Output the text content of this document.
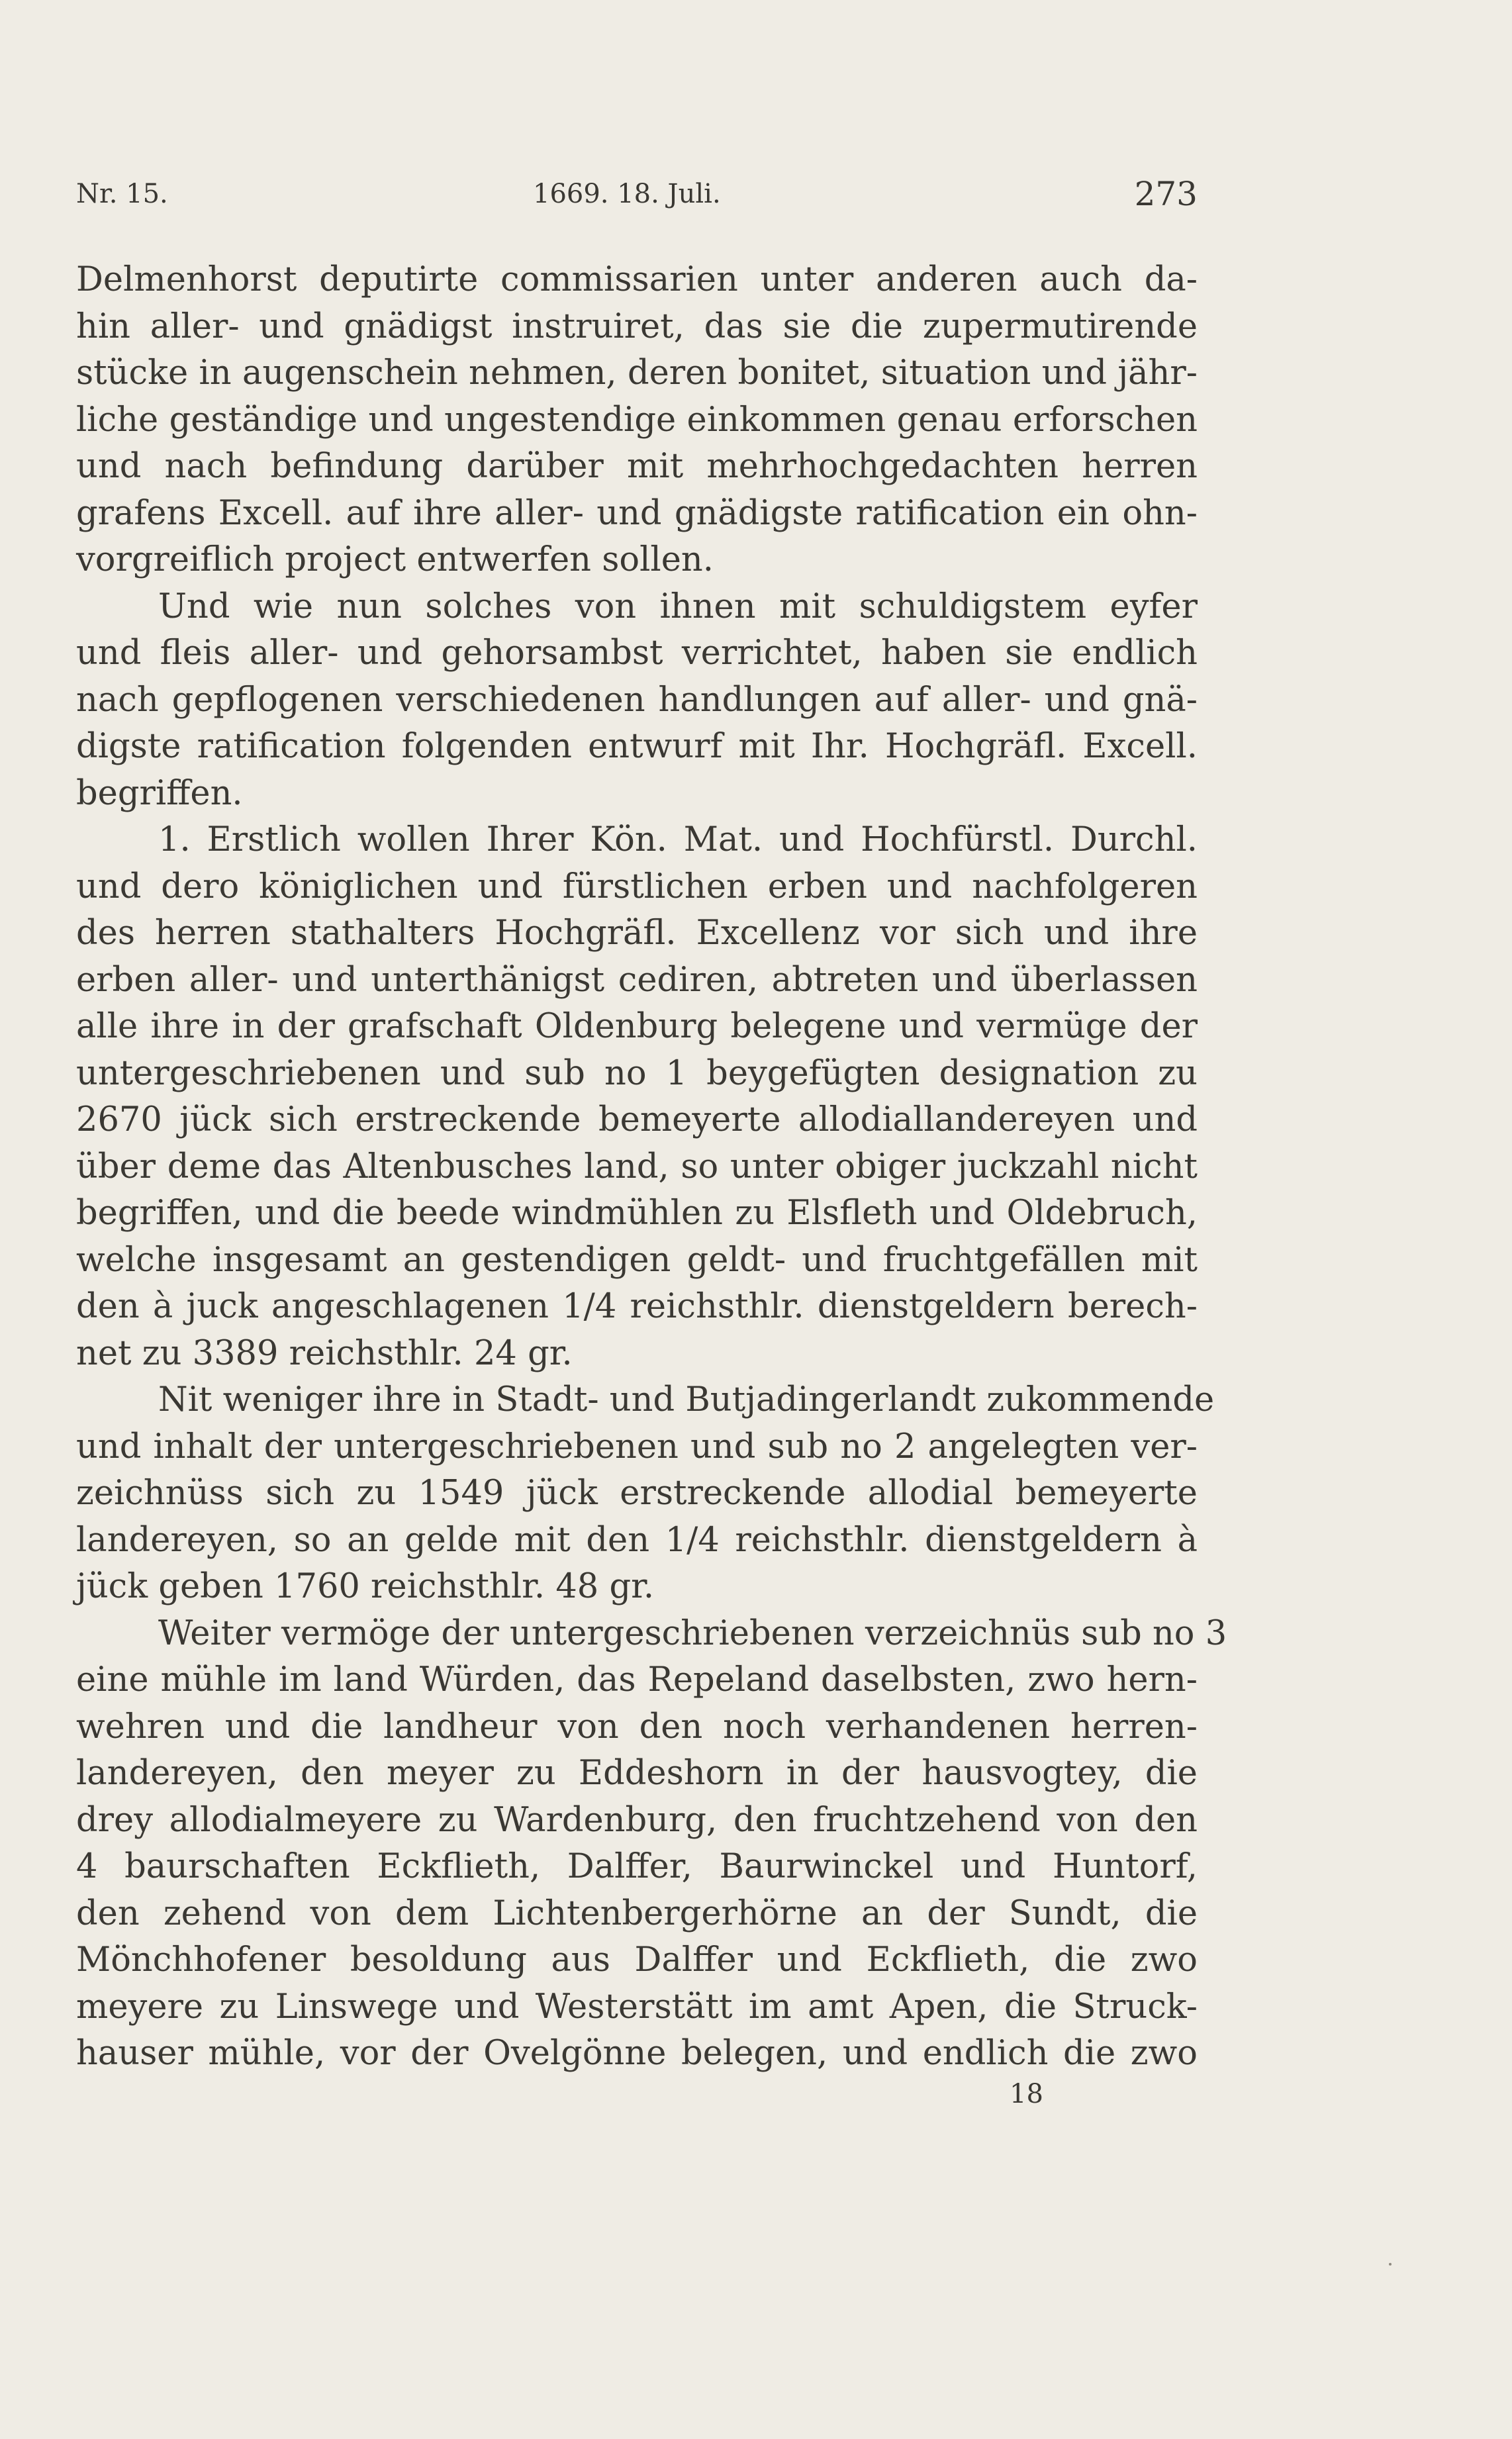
Nr. 15.	1669. 18. Juli.	273
Delmenhorst deputirte commissarien unter anderen auch da-
hin aller- und gnädigst instruiret, das sie die zupermutirende
stücke in augenschein nehmen, deren bonitet, situation und jähr-
liche geständige und ungestendige einkommen genau erforschen
und nach befindung darüber mit mehrhochgedachten herren
grafens Excell. auf ihre aller- und gnädigste ratification ein ohn-
vorgreiflich project entwerfen sollen.
Und wie nun solches von ihnen mit schuldigstem eyfer
und fleis aller- und gehorsambst verrichtet, haben sie endlich
nach gepflogenen verschiedenen handlungen auf aller- und gnä-
digste ratification folgenden entwurf mit Ihr. Hochgräfl. Excell.
begriffen.
1. Erstlich wollen Ihrer Kön. Mat. und Hochfürstl. Durchl.
und dero königlichen und fürstlichen erben und nachfolgeren
des herren stathalters Hochgräfl. Excellenz vor sich und ihre
erben aller- und unterthänigst cediren, abtreten und überlassen
alle ihre in der grafschaft Oldenburg belegene und vermüge der
untergeschriebenen und sub no 1 beygefügten designation zu
2670 jück sich erstreckende bemeyerte allodiallandereyen und
über deme das Altenbusches land, so unter obiger juckzahl nicht
begriffen, und die beede windmühlen zu Elsfleth und Oldebruch,
welche insgesamt an gestendigen geldt- und fruchtgefällen mit
den à juck angeschlagenen 1/4 reichsthlr. dienstgeldern berech-
net zu 3389 reichsthlr. 24 gr.
Nit weniger ihre in Stadt- und Butjadingerlandt zukommende
und inhalt der untergeschriebenen und sub no 2 angelegten ver-
zeichnüss sich zu 1549 jück erstreckende allodial bemeyerte
landereyen, so an gelde mit den 1/4 reichsthlr. dienstgeldern à
jück geben 1760 reichsthlr. 48 gr.
Weiter vermöge der untergeschriebenen verzeichnüs sub no 3
eine mühle im land Würden, das Repeland daselbsten, zwo hern-
wehren und die landheur von den noch verhandenen herren-
landereyen, den meyer zu Eddeshorn in der hausvogtey, die
drey allodialmeyere zu Wardenburg, den fruchtzehend von den
4 baurschaften Eckflieth, Dalffer, Baurwinckel und Huntorf,
den zehend von dem Lichtenbergerhörne an der Sundt, die
Mönchhofener besoldung aus Dalffer und Eckflieth, die zwo
meyere zu Linswege und Westerstätt im amt Apen, die Struck-
hauser mühle, vor der Ovelgönne belegen, und endlich die zwo
18
